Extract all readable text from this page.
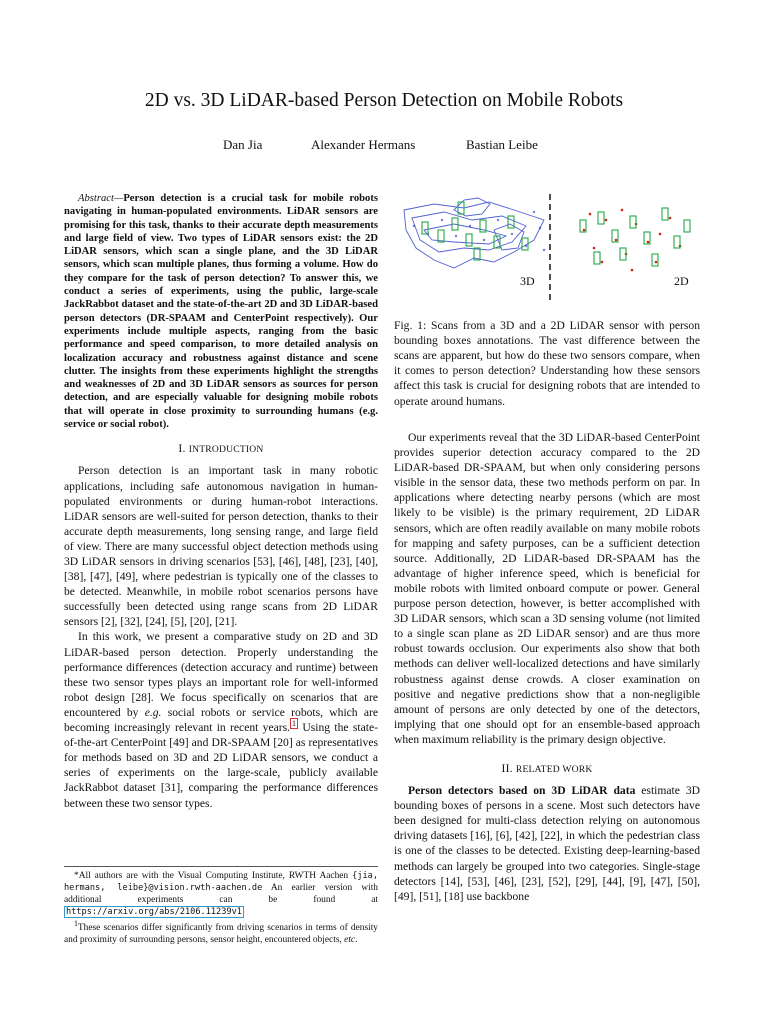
2D vs. 3D LiDAR-based Person Detection on Mobile Robots
Dan Jia	Alexander Hermans	Bastian Leibe

Abstract—Person detection is a crucial task for mobile robots navigating in human-populated environments. LiDAR sensors are promising for this task, thanks to their accurate depth measurements and large field of view. Two types of LiDAR sensors exist: the 2D LiDAR sensors, which scan a single plane, and the 3D LiDAR sensors, which scan multiple planes, thus forming a volume. How do they compare for the task of person detection? To answer this, we conduct a series of experiments, using the public, large-scale JackRabbot dataset and the state-of-the-art 2D and 3D LiDAR-based person detectors (DR-SPAAM and CenterPoint respectively). Our experiments include multiple aspects, ranging from the basic performance and speed comparison, to more detailed analysis on localization accuracy and robustness against distance and scene clutter. The insights from these experiments highlight the strengths and weaknesses of 2D and 3D LiDAR sensors as sources for person detection, and are especially valuable for designing mobile robots that will operate in close proximity to surrounding humans (e.g. service or social robot).

I. INTRODUCTION

Person detection is an important task in many robotic applications, including safe autonomous navigation in human-populated environments or during human-robot interactions. LiDAR sensors are well-suited for person detection, thanks to their accurate depth measurements, long sensing range, and large field of view. There are many successful object detection methods using 3D LiDAR sensors in driving scenarios [53], [46], [48], [23], [40], [38], [47], [49], where pedestrian is typically one of the classes to be detected. Meanwhile, in mobile robot scenarios persons have successfully been detected using range scans from 2D LiDAR sensors [2], [32], [24], [5], [20], [21].

In this work, we present a comparative study on 2D and 3D LiDAR-based person detection. Properly understanding the performance differences (detection accuracy and runtime) between these two sensor types plays an important role for well-informed robot design [28]. We focus specifically on scenarios that are encountered by e.g. social robots or service robots, which are becoming increasingly relevant in recent years. $^1$ Using the state-of-the-art CenterPoint [49] and DR-SPAAM [20] as representatives for methods based on 3D and 2D LiDAR sensors, we conduct a series of experiments on the large-scale, publicly available JackRabbot dataset [31], comparing the performance differences between these two sensor types.

*All authors are with the Visual Computing Institute, RWTH Aachen {jia, hermans, leibe}@vision.rwth-aachen.de An earlier version with additional experiments can be found at https://arxiv.org/abs/2106.11239v1

$^1$These scenarios differ significantly from driving scenarios in terms of density and proximity of surrounding persons, sensor height, encountered objects, etc.

3D	2D

Fig. 1: Scans from a 3D and a 2D LiDAR sensor with person bounding boxes annotations. The vast difference between the scans are apparent, but how do these two sensors compare, when it comes to person detection? Understanding how these sensors affect this task is crucial for designing robots that are intended to operate around humans.

Our experiments reveal that the 3D LiDAR-based CenterPoint provides superior detection accuracy compared to the 2D LiDAR-based DR-SPAAM, but when only considering persons visible in the sensor data, these two methods perform on par. In applications where detecting nearby persons (which are most likely to be visible) is the primary requirement, 2D LiDAR sensors, which are often readily available on many mobile robots for mapping and safety purposes, can be a sufficient detection source. Additionally, 2D LiDAR-based DR-SPAAM has the advantage of higher inference speed, which is beneficial for mobile robots with limited onboard compute or power. General purpose person detection, however, is better accomplished with 3D LiDAR sensors, which scan a 3D sensing volume (not limited to a single scan plane as 2D LiDAR sensor) and are thus more robust towards occlusion. Our experiments also show that both methods can deliver well-localized detections and have similarly robustness against dense crowds. A closer examination on positive and negative predictions show that a non-negligible amount of persons are only detected by one of the detectors, implying that one should opt for an ensemble-based approach when maximum reliability is the primary design objective.

II. RELATED WORK

Person detectors based on 3D LiDAR data estimate 3D bounding boxes of persons in a scene. Most such detectors have been designed for multi-class detection relying on autonomous driving datasets [16], [6], [42], [22], in which the pedestrian class is one of the classes to be detected. Existing deep-learning-based methods can largely be grouped into two categories. Single-stage detectors [14], [53], [46], [23], [52], [29], [44], [9], [47], [50], [49], [51], [18] use backbone
